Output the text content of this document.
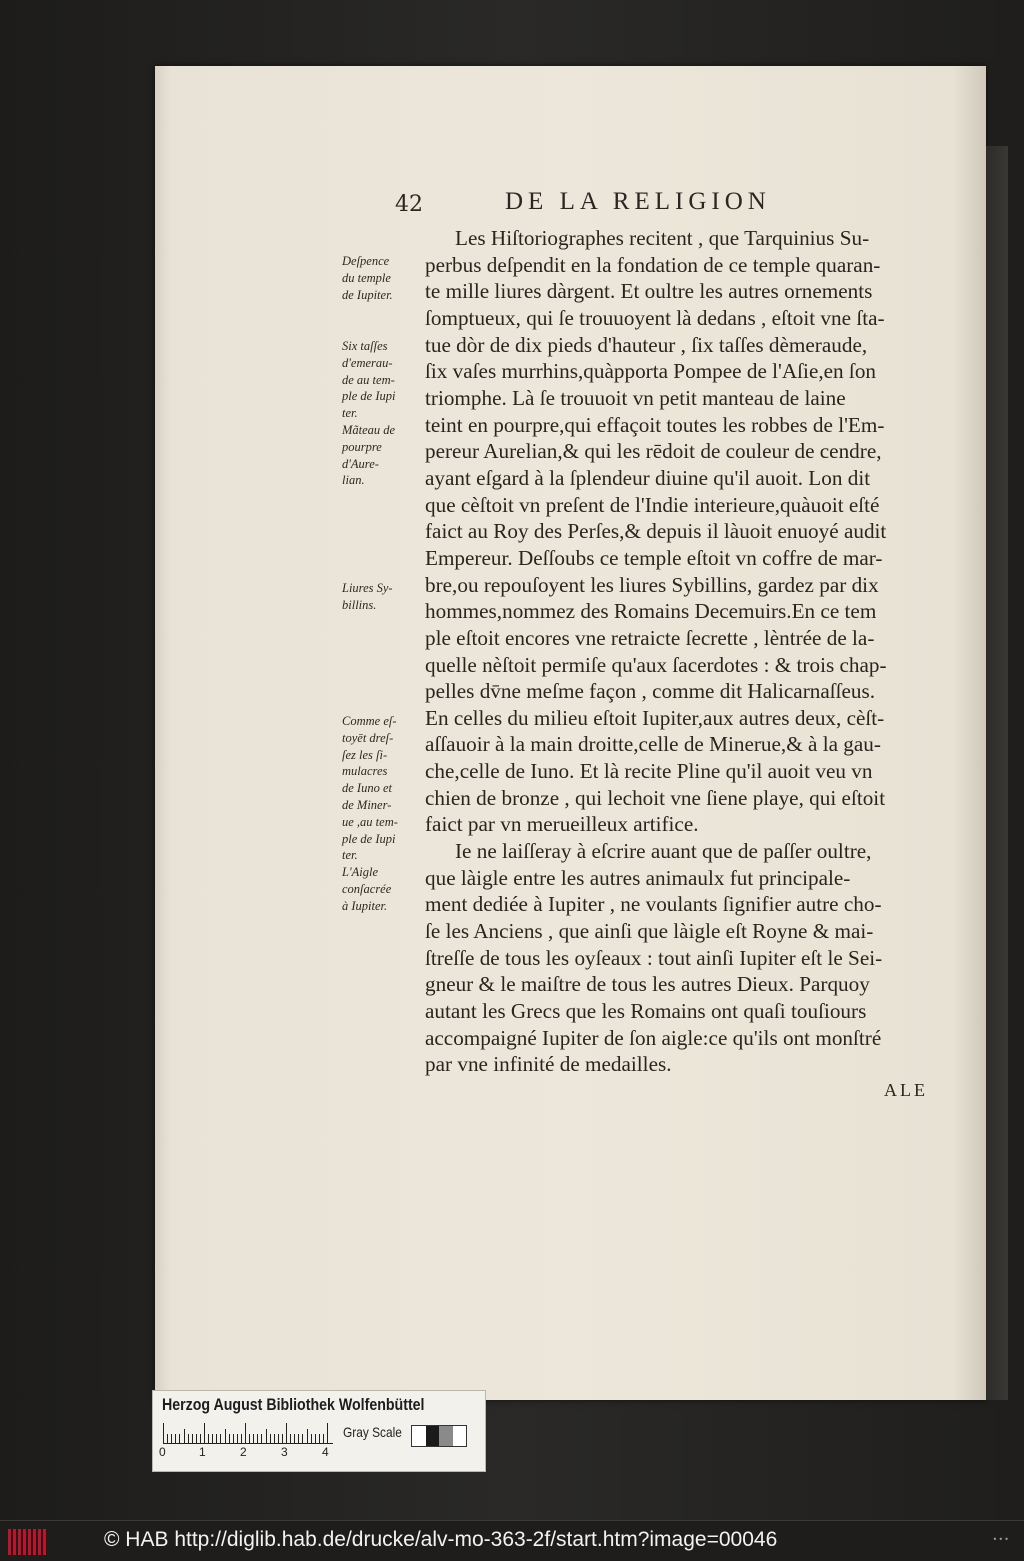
42	DE LA RELIGION
Deſpence
du temple
de Iupiter.
Six taſſes
d'emerau-
de au tem-
ple de Iupi
ter.
Mãteau de
pourpre
d'Aure-
lian.
Liures Sy-
billins.
Comme eſ-
toyēt dreſ-
ſez les ſi-
mulacres
de Iuno et
de Miner-
ue ,au tem-
ple de Iupi
ter.
L'Aigle
conſacrée
à Iupiter.
Les Hiſtoriographes recitent , que Tarquinius Su-
perbus deſpendit en la fondation de ce temple quaran-
te mille liures dàrgent. Et oultre les autres ornements
ſomptueux, qui ſe trouuoyent là dedans , eſtoit vne ſta-
tue dòr de dix pieds d'hauteur , ſix taſſes dèmeraude,
ſix vaſes murrhins,quàpporta Pompee de l'Aſie,en ſon
triomphe. Là ſe trouuoit vn petit manteau de laine
teint en pourpre,qui effaçoit toutes les robbes de l'Em-
pereur Aurelian,& qui les rēdoit de couleur de cendre,
ayant eſgard à la ſplendeur diuine qu'il auoit. Lon dit
que cèſtoit vn preſent de l'Indie interieure,quàuoit eſté
faict au Roy des Perſes,& depuis il làuoit enuoyé audit
Empereur. Deſſoubs ce temple eſtoit vn coffre de mar-
bre,ou repouſoyent les liures Sybillins, gardez par dix
hommes,nommez des Romains Decemuirs.En ce tem
ple eſtoit encores vne retraicte ſecrette , lèntrée de la-
quelle nèſtoit permiſe qu'aux ſacerdotes : & trois chap-
pelles dv̄ne meſme façon , comme dit Halicarnaſſeus.
En celles du milieu eſtoit Iupiter,aux autres deux, cèſt-
aſſauoir à la main droitte,celle de Minerue,& à la gau-
che,celle de Iuno. Et là recite Pline qu'il auoit veu vn
chien de bronze , qui lechoit vne ſiene playe, qui eſtoit
faict par vn merueilleux artifice.
Ie ne laiſſeray à eſcrire auant que de paſſer oultre,
que làigle entre les autres animaulx fut principale-
ment dediée à Iupiter , ne voulants ſignifier autre cho-
ſe les Anciens , que ainſi que làigle eſt Royne & mai-
ſtreſſe de tous les oyſeaux : tout ainſi Iupiter eſt le Sei-
gneur & le maiſtre de tous les autres Dieux. Parquoy
autant les Grecs que les Romains ont quaſi touſiours
accompaigné Iupiter de ſon aigle:ce qu'ils ont monſtré
par vne infinité de medailles.
ALE
Herzog August Bibliothek Wolfenbüttel
0	1	2	3	4
Gray Scale
© HAB http://diglib.hab.de/drucke/alv-mo-363-2f/start.htm?image=00046	•••
